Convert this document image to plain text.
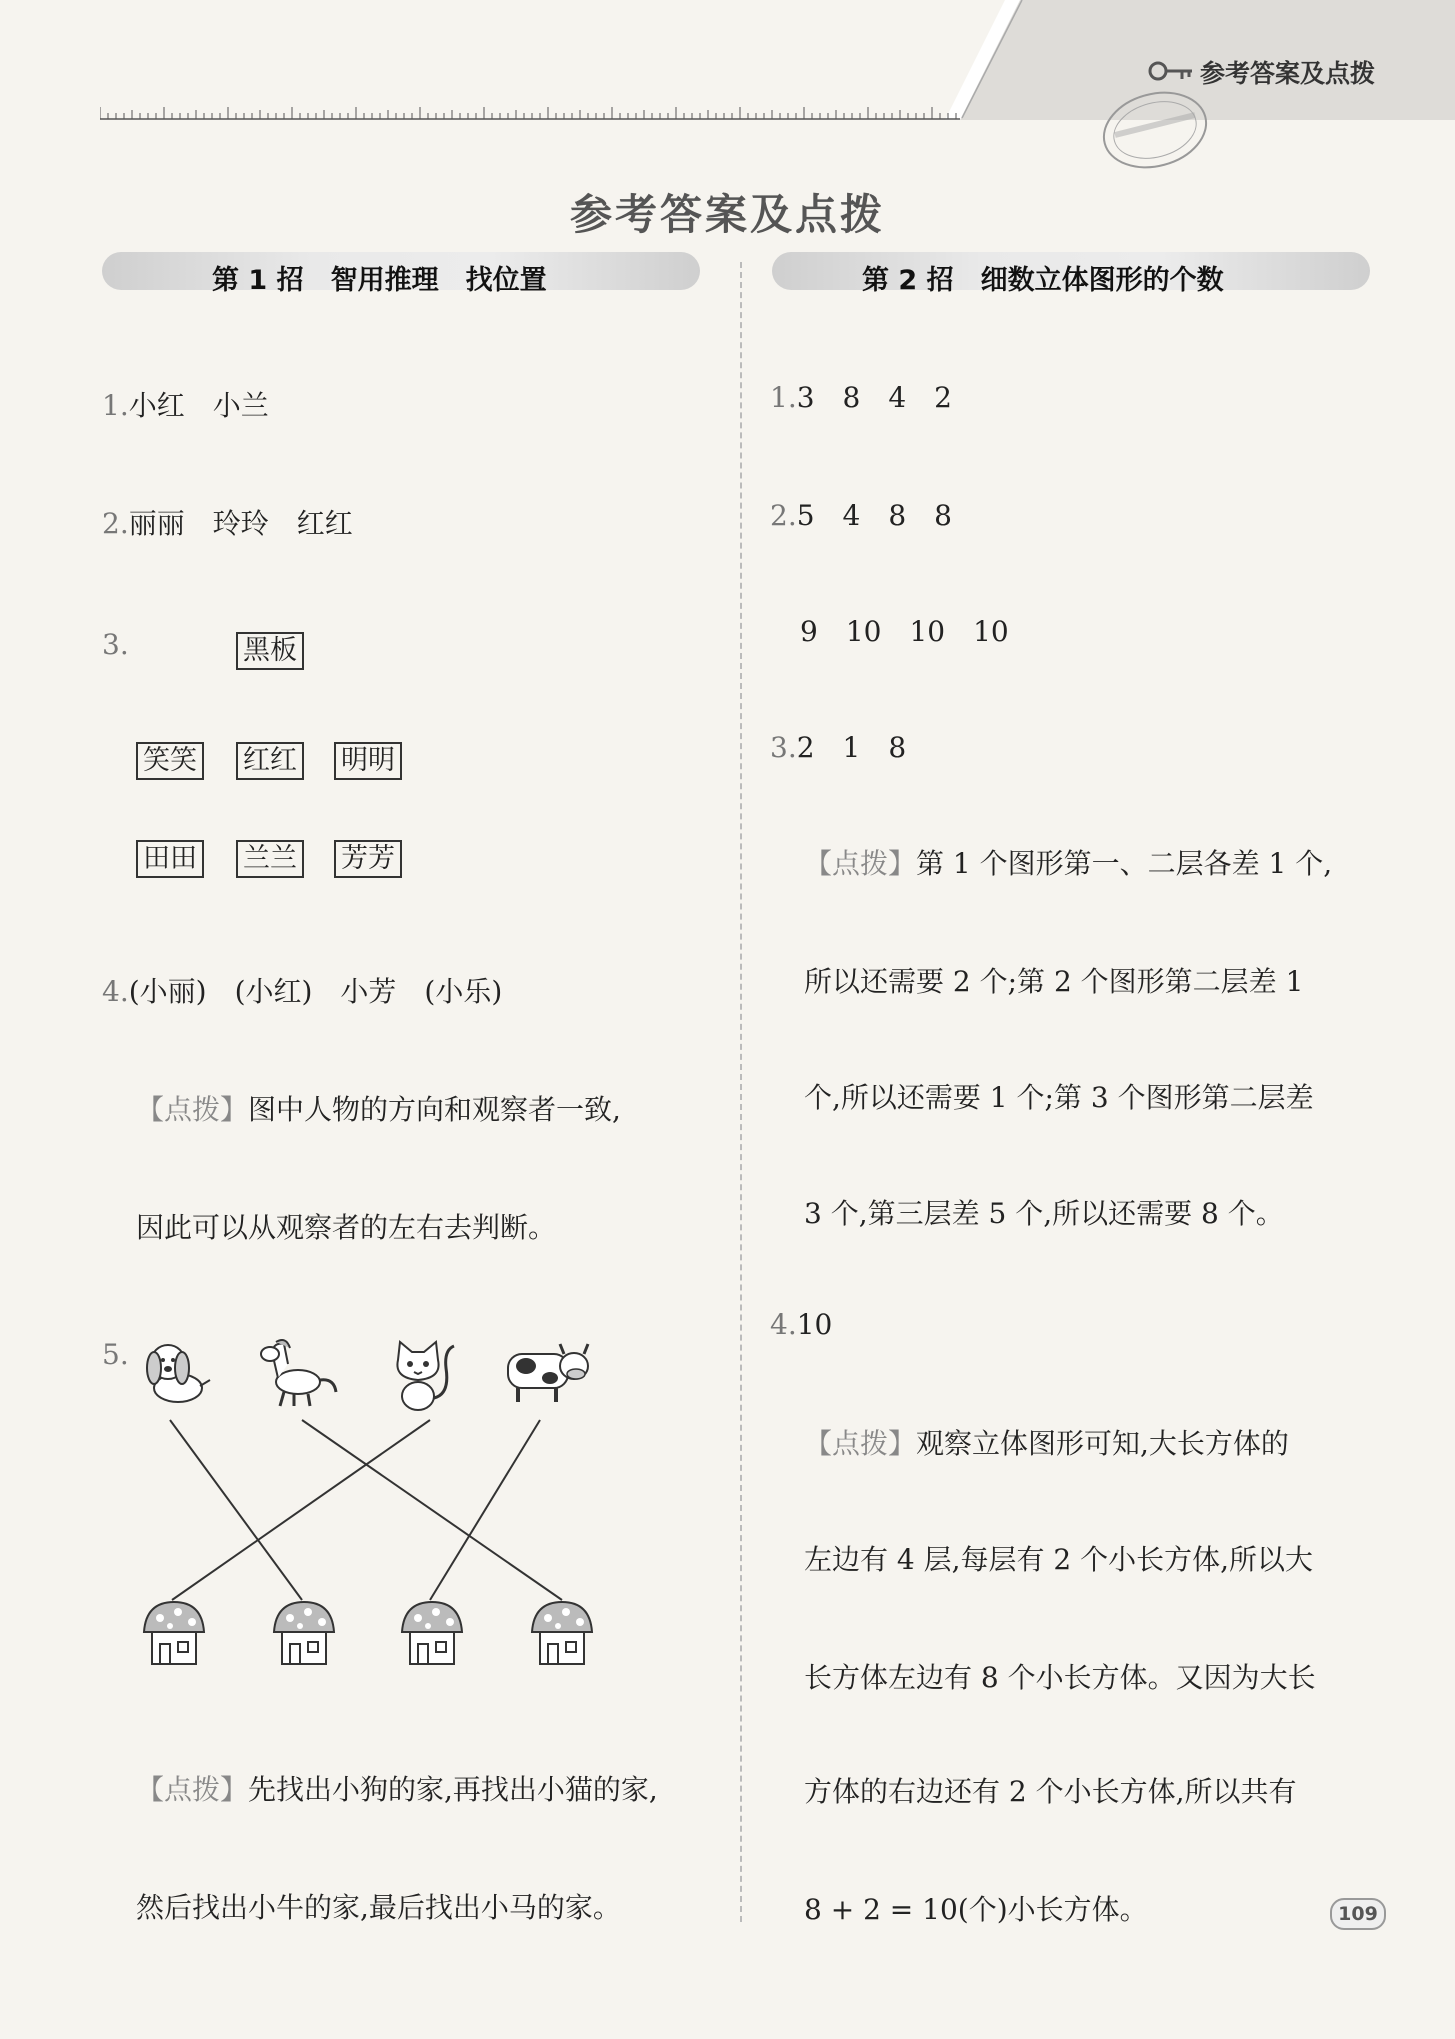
参考答案及点拨
参考答案及点拨
第 1 招　智用推理　找位置	第 2 招　细数立体图形的个数
1.小红　小兰
2.丽丽　玲玲　红红
3.	黑板
笑笑 红红 明明
田田 兰兰 芳芳
4.(小丽)　(小红)　小芳　(小乐)
【点拨】图中人物的方向和观察者一致,
因此可以从观察者的左右去判断。
5.
【点拨】先找出小狗的家,再找出小猫的家,
然后找出小牛的家,最后找出小马的家。
1.3　8　4　2
2.5　4　8　8
9　10　10　10
3.2　1　8
【点拨】第 1 个图形第一、二层各差 1 个,
所以还需要 2 个;第 2 个图形第二层差 1
个,所以还需要 1 个;第 3 个图形第二层差
3 个,第三层差 5 个,所以还需要 8 个。
4.10
【点拨】观察立体图形可知,大长方体的
左边有 4 层,每层有 2 个小长方体,所以大
长方体左边有 8 个小长方体。又因为大长
方体的右边还有 2 个小长方体,所以共有
8 + 2 = 10(个)小长方体。	109
